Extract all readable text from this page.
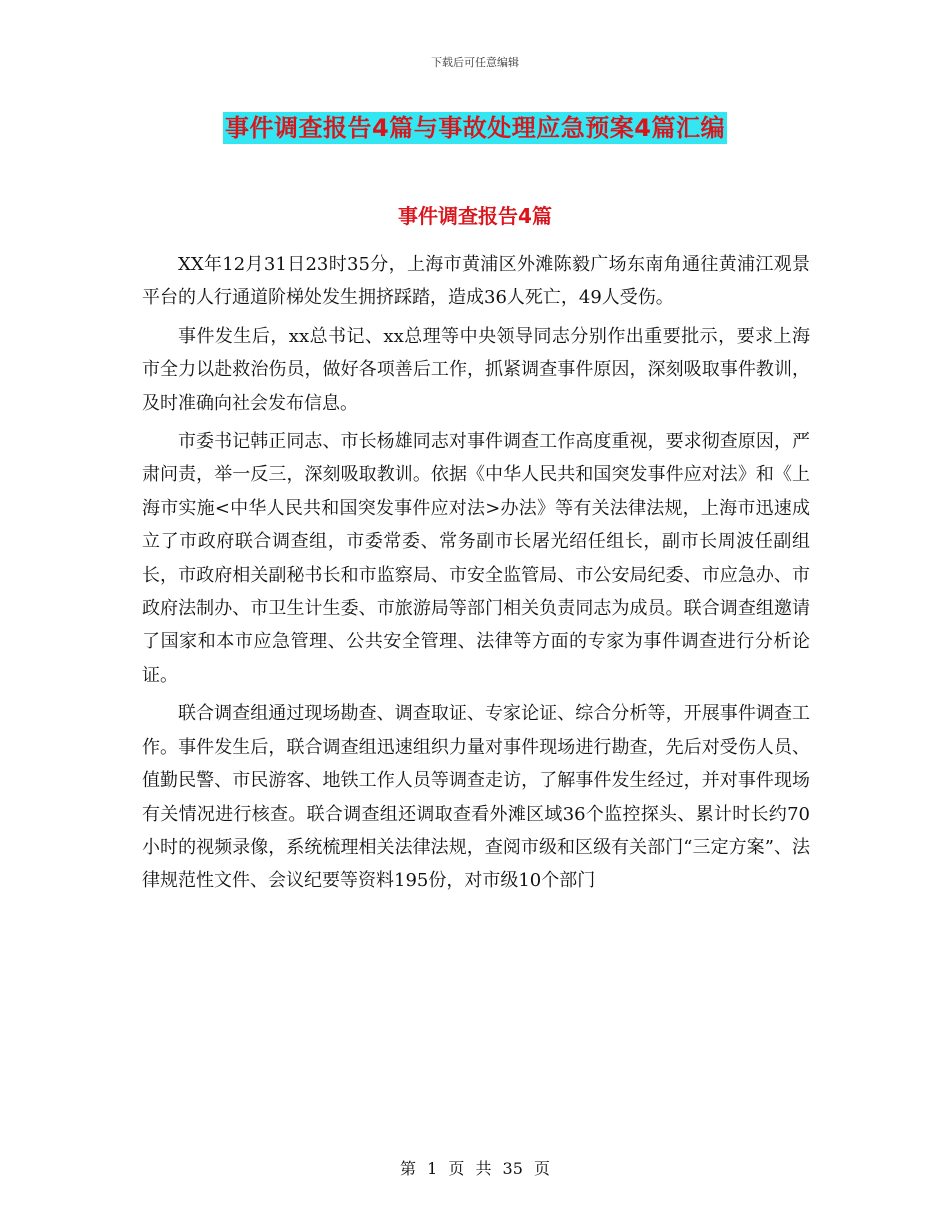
下载后可任意编辑
事件调查报告4篇与事故处理应急预案4篇汇编
事件调查报告4篇

XX年12月31日23时35分，上海市黄浦区外滩陈毅广场东南角通往黄浦江观景平台的人行通道阶梯处发生拥挤踩踏，造成36人死亡，49人受伤。

事件发生后，xx总书记、xx总理等中央领导同志分别作出重要批示，要求上海市全力以赴救治伤员，做好各项善后工作，抓紧调查事件原因，深刻吸取事件教训，及时准确向社会发布信息。

市委书记韩正同志、市长杨雄同志对事件调查工作高度重视，要求彻查原因，严肃问责，举一反三，深刻吸取教训。依据《中华人民共和国突发事件应对法》和《上海市实施<中华人民共和国突发事件应对法>办法》等有关法律法规，上海市迅速成立了市政府联合调查组，市委常委、常务副市长屠光绍任组长，副市长周波任副组长，市政府相关副秘书长和市监察局、市安全监管局、市公安局纪委、市应急办、市政府法制办、市卫生计生委、市旅游局等部门相关负责同志为成员。联合调查组邀请了国家和本市应急管理、公共安全管理、法律等方面的专家为事件调查进行分析论证。

联合调查组通过现场勘查、调查取证、专家论证、综合分析等，开展事件调查工作。事件发生后，联合调查组迅速组织力量对事件现场进行勘查，先后对受伤人员、值勤民警、市民游客、地铁工作人员等调查走访，了解事件发生经过，并对事件现场有关情况进行核查。联合调查组还调取查看外滩区域36个监控探头、累计时长约70小时的视频录像，系统梳理相关法律法规，查阅市级和区级有关部门“三定方案”、法律规范性文件、会议纪要等资料195份，对市级10个部门

第 1 页 共 35 页
